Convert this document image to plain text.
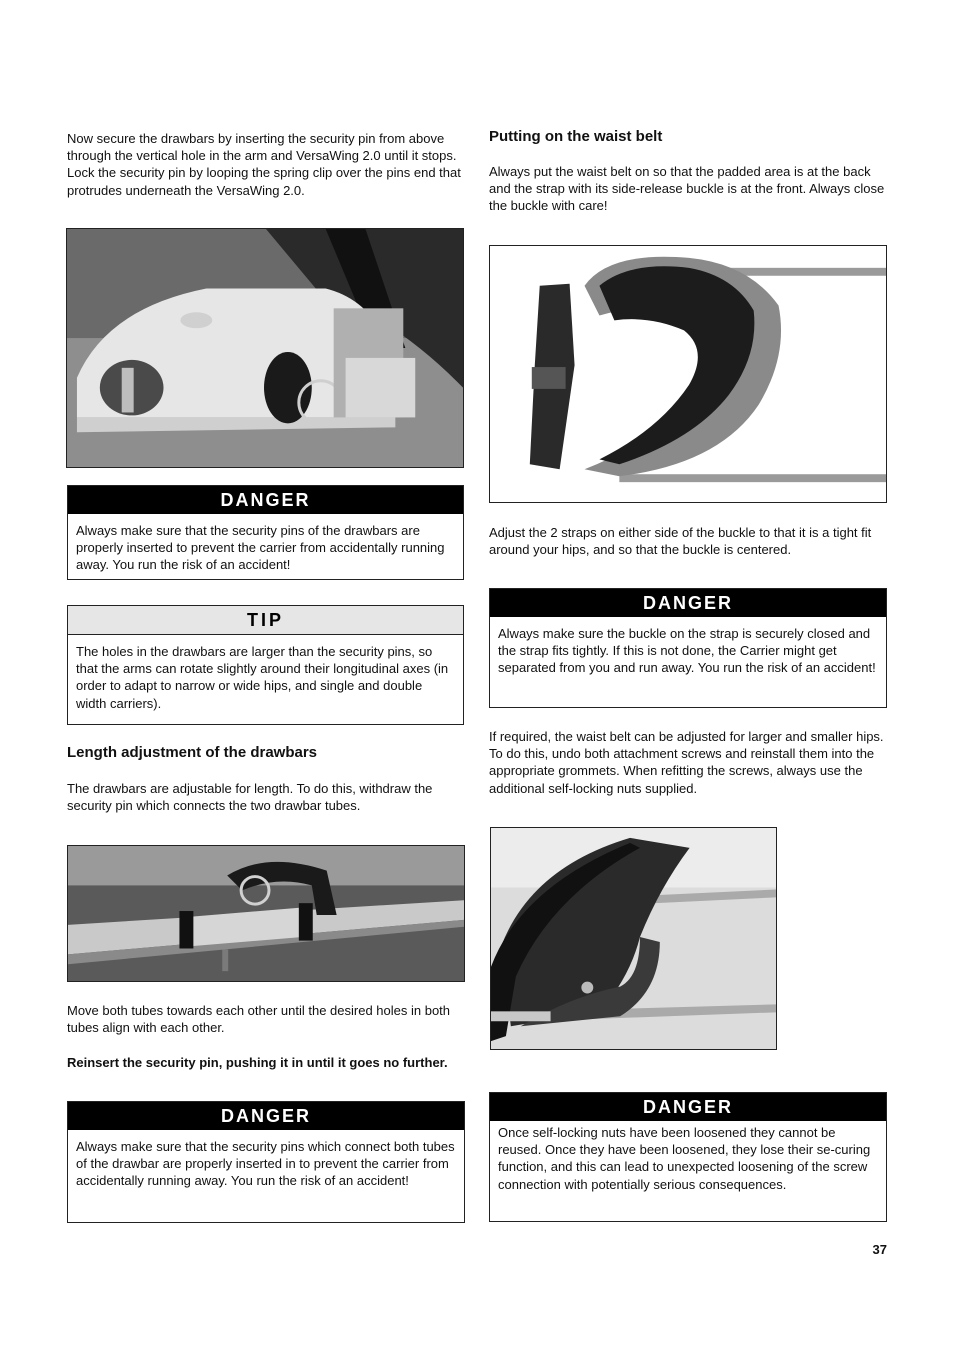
Now secure the drawbars by inserting the security pin from above through the vertical hole in the arm and VersaWing 2.0 until it stops. Lock the security pin by looping the spring clip over the pins end that protrudes underneath the VersaWing 2.0.

DANGER
Always make sure that the security pins of the drawbars are properly inserted to prevent the carrier from accidentally running away. You run the risk of an accident!
TIP
The holes in the drawbars are larger than the security pins, so that the arms can rotate slightly around their longitudinal axes (in order to adapt to narrow or wide hips, and single and double width carriers).

Length adjustment of the drawbars

The drawbars are adjustable for length. To do this, withdraw the security pin which connects the two drawbar tubes.

Move both tubes towards each other until the desired holes in both tubes align with each other.

Reinsert the security pin, pushing it in until it goes no further.

DANGER
Always make sure that the security pins which connect both tubes of the drawbar are properly inserted in to prevent the carrier from accidentally running away. You run the risk of an accident!

Putting on the waist belt

Always put the waist belt on so that the padded area is at the back and the strap with its side-release buckle is at the front. Always close the buckle with care!

Adjust the 2 straps on either side of the buckle to that it is a tight fit around your hips, and so that the buckle is centered.

DANGER
Always make sure the buckle on the strap is securely closed and the strap fits tightly. If this is not done, the Carrier might get separated from you and run away. You run the risk of an accident!

If required, the waist belt can be adjusted for larger and smaller hips. To do this, undo both attachment screws and reinstall them into the appropriate grommets. When refitting the screws, always use the additional self-locking nuts supplied.

DANGER
Once self-locking nuts have been loosened they cannot be reused. Once they have been loosened, they lose their se-curing function, and this can lead to unexpected loosening of the screw connection with potentially serious consequences.
37
